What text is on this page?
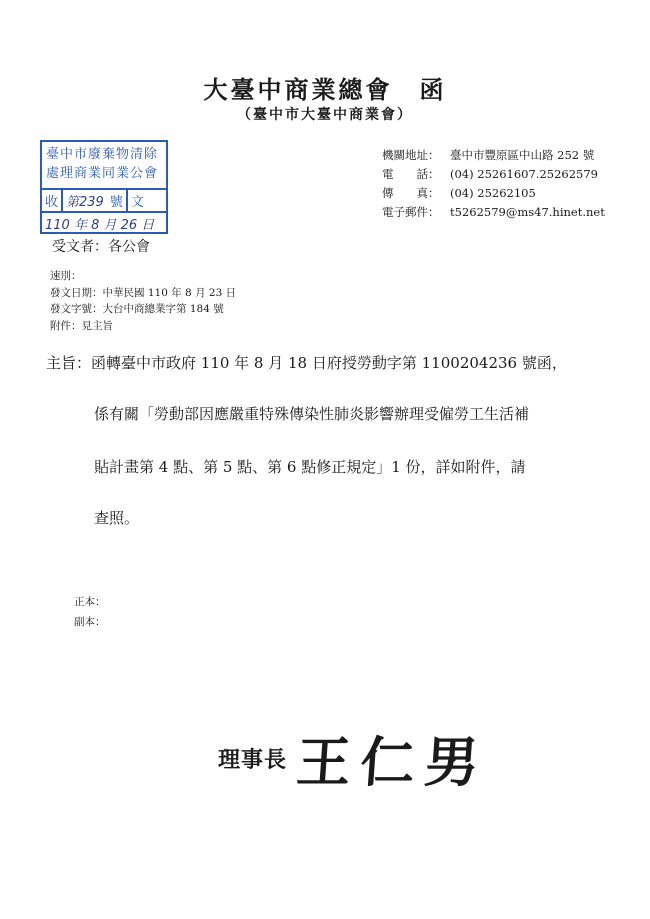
大臺中商業總會　函
（臺中市大臺中商業會）
臺中市廢棄物清除
處理商業同業公會
收 第239 號 文
110 年 8 月 26 日
機關地址： 臺中市豐原區中山路 252 號
電　　話： (04) 25261607.25262579
傳　　真： (04) 25262105
電子郵件： t5262579@ms47.hinet.net
受文者：各公會
速別：
發文日期：中華民國 110 年 8 月 23 日
發文字號：大台中商總業字第 184 號
附件：見主旨
主旨：函轉臺中市政府 110 年 8 月 18 日府授勞動字第 1100204236 號函，
係有關「勞動部因應嚴重特殊傳染性肺炎影響辦理受僱勞工生活補
貼計畫第 4 點、第 5 點、第 6 點修正規定」1 份，詳如附件，請
查照。
正本：
副本：
理事長 王仁男
